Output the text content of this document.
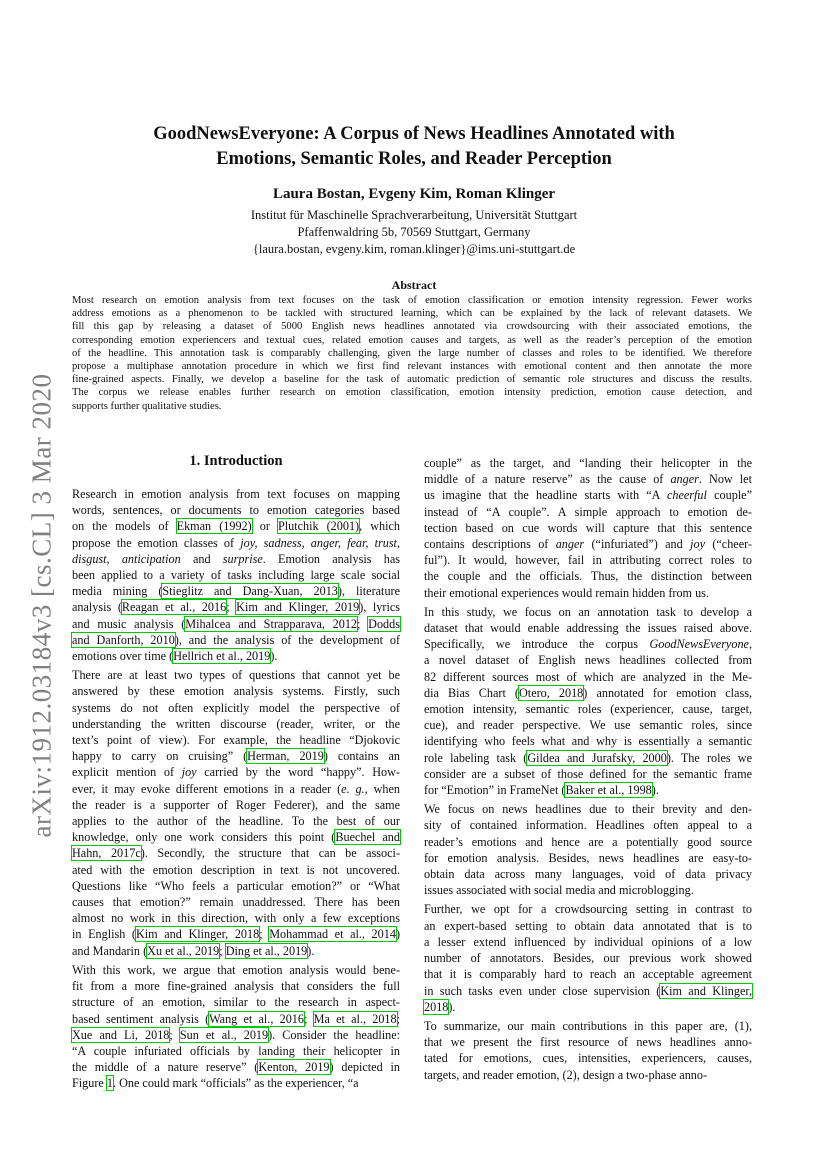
arXiv:1912.03184v3 [cs.CL] 3 Mar 2020
GoodNewsEveryone: A Corpus of News Headlines Annotated with
Emotions, Semantic Roles, and Reader Perception
Laura Bostan, Evgeny Kim, Roman Klinger
Institut für Maschinelle Sprachverarbeitung, Universität Stuttgart
Pfaffenwaldring 5b, 70569 Stuttgart, Germany
{laura.bostan, evgeny.kim, roman.klinger}@ims.uni-stuttgart.de
Abstract
Most research on emotion analysis from text focuses on the task of emotion classification or emotion intensity regression. Fewer works
address emotions as a phenomenon to be tackled with structured learning, which can be explained by the lack of relevant datasets. We
fill this gap by releasing a dataset of 5000 English news headlines annotated via crowdsourcing with their associated emotions, the
corresponding emotion experiencers and textual cues, related emotion causes and targets, as well as the reader’s perception of the emotion
of the headline. This annotation task is comparably challenging, given the large number of classes and roles to be identified. We therefore
propose a multiphase annotation procedure in which we first find relevant instances with emotional content and then annotate the more
fine-grained aspects. Finally, we develop a baseline for the task of automatic prediction of semantic role structures and discuss the results.
The corpus we release enables further research on emotion classification, emotion intensity prediction, emotion cause detection, and
supports further qualitative studies.
1. Introduction
Research in emotion analysis from text focuses on mapping
words, sentences, or documents to emotion categories based
on the models of Ekman (1992) or Plutchik (2001), which
propose the emotion classes of joy, sadness, anger, fear, trust,
disgust, anticipation and surprise. Emotion analysis has
been applied to a variety of tasks including large scale social
media mining (Stieglitz and Dang-Xuan, 2013), literature
analysis (Reagan et al., 2016; Kim and Klinger, 2019), lyrics
and music analysis (Mihalcea and Strapparava, 2012; Dodds
and Danforth, 2010), and the analysis of the development of
emotions over time (Hellrich et al., 2019).
There are at least two types of questions that cannot yet be
answered by these emotion analysis systems. Firstly, such
systems do not often explicitly model the perspective of
understanding the written discourse (reader, writer, or the
text’s point of view). For example, the headline “Djokovic
happy to carry on cruising” (Herman, 2019) contains an
explicit mention of joy carried by the word “happy”. How-
ever, it may evoke different emotions in a reader (e. g., when
the reader is a supporter of Roger Federer), and the same
applies to the author of the headline. To the best of our
knowledge, only one work considers this point (Buechel and
Hahn, 2017c). Secondly, the structure that can be associ-
ated with the emotion description in text is not uncovered.
Questions like “Who feels a particular emotion?” or “What
causes that emotion?” remain unaddressed. There has been
almost no work in this direction, with only a few exceptions
in English (Kim and Klinger, 2018; Mohammad et al., 2014)
and Mandarin (Xu et al., 2019; Ding et al., 2019).
With this work, we argue that emotion analysis would bene-
fit from a more fine-grained analysis that considers the full
structure of an emotion, similar to the research in aspect-
based sentiment analysis (Wang et al., 2016; Ma et al., 2018;
Xue and Li, 2018; Sun et al., 2019). Consider the headline:
“A couple infuriated officials by landing their helicopter in
the middle of a nature reserve” (Kenton, 2019) depicted in
Figure 1. One could mark “officials” as the experiencer, “a
couple” as the target, and “landing their helicopter in the
middle of a nature reserve” as the cause of anger. Now let
us imagine that the headline starts with “A cheerful couple”
instead of “A couple”. A simple approach to emotion de-
tection based on cue words will capture that this sentence
contains descriptions of anger (“infuriated”) and joy (“cheer-
ful”). It would, however, fail in attributing correct roles to
the couple and the officials. Thus, the distinction between
their emotional experiences would remain hidden from us.
In this study, we focus on an annotation task to develop a
dataset that would enable addressing the issues raised above.
Specifically, we introduce the corpus GoodNewsEveryone,
a novel dataset of English news headlines collected from
82 different sources most of which are analyzed in the Me-
dia Bias Chart (Otero, 2018) annotated for emotion class,
emotion intensity, semantic roles (experiencer, cause, target,
cue), and reader perspective. We use semantic roles, since
identifying who feels what and why is essentially a semantic
role labeling task (Gildea and Jurafsky, 2000). The roles we
consider are a subset of those defined for the semantic frame
for “Emotion” in FrameNet (Baker et al., 1998).
We focus on news headlines due to their brevity and den-
sity of contained information. Headlines often appeal to a
reader’s emotions and hence are a potentially good source
for emotion analysis. Besides, news headlines are easy-to-
obtain data across many languages, void of data privacy
issues associated with social media and microblogging.
Further, we opt for a crowdsourcing setting in contrast to
an expert-based setting to obtain data annotated that is to
a lesser extend influenced by individual opinions of a low
number of annotators. Besides, our previous work showed
that it is comparably hard to reach an acceptable agreement
in such tasks even under close supervision (Kim and Klinger,
2018).
To summarize, our main contributions in this paper are, (1),
that we present the first resource of news headlines anno-
tated for emotions, cues, intensities, experiencers, causes,
targets, and reader emotion, (2), design a two-phase anno-
